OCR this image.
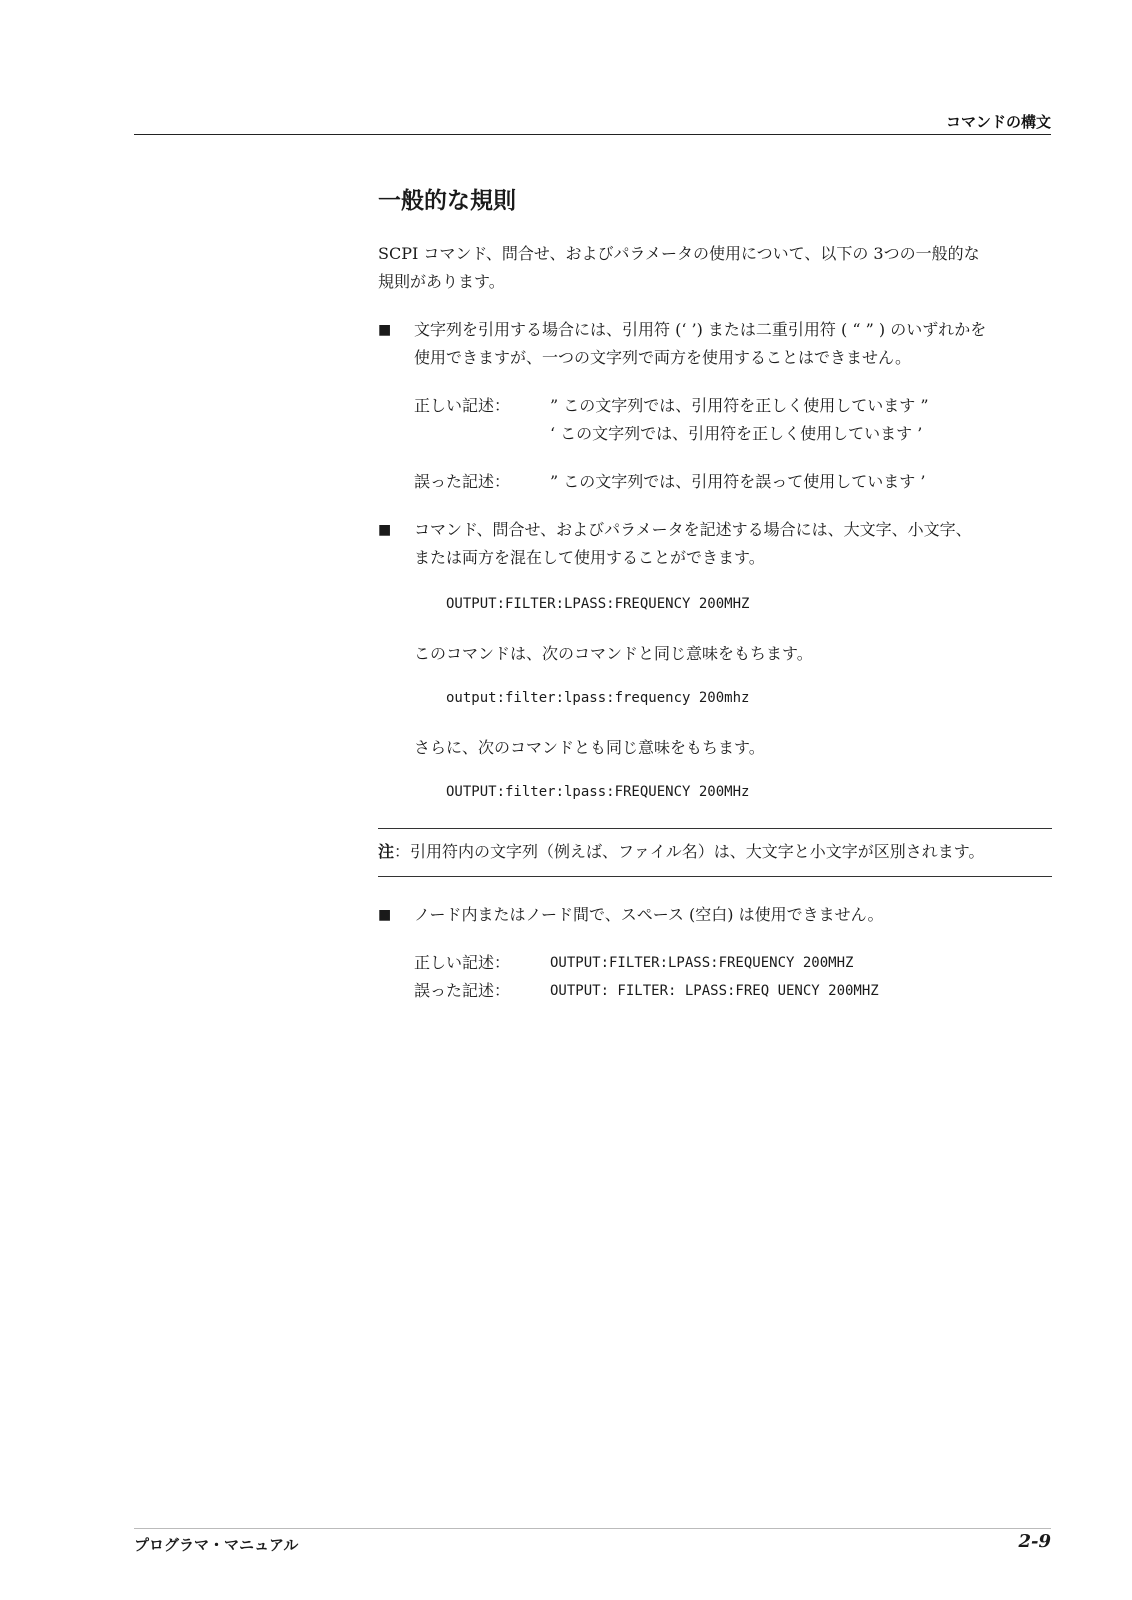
コマンドの構文
一般的な規則

SCPI コマンド、問合せ、およびパラメータの使用について、以下の 3つの一般的な

規則があります。

■ 文字列を引用する場合には、引用符 (‘ ’) または二重引用符 ( “ ” ) のいずれかを
使用できますが、一つの文字列で両方を使用することはできません。
正しい記述：	” この文字列では、引用符を正しく使用しています ”
‘ この文字列では、引用符を正しく使用しています ’
誤った記述：	” この文字列では、引用符を誤って使用しています ’
■ コマンド、問合せ、およびパラメータを記述する場合には、大文字、小文字、
または両方を混在して使用することができます。
OUTPUT:FILTER:LPASS:FREQUENCY 200MHZ
このコマンドは、次のコマンドと同じ意味をもちます。
output:filter:lpass:frequency 200mhz
さらに、次のコマンドとも同じ意味をもちます。
OUTPUT:filter:lpass:FREQUENCY 200MHz
注：引用符内の文字列（例えば、ファイル名）は、大文字と小文字が区別されます。
■ ノード内またはノード間で、スペース (空白) は使用できません。
正しい記述：	OUTPUT:FILTER:LPASS:FREQUENCY 200MHZ
誤った記述：	OUTPUT: FILTER: LPASS:FREQ UENCY 200MHZ
プログラマ・マニュアル	2-9
